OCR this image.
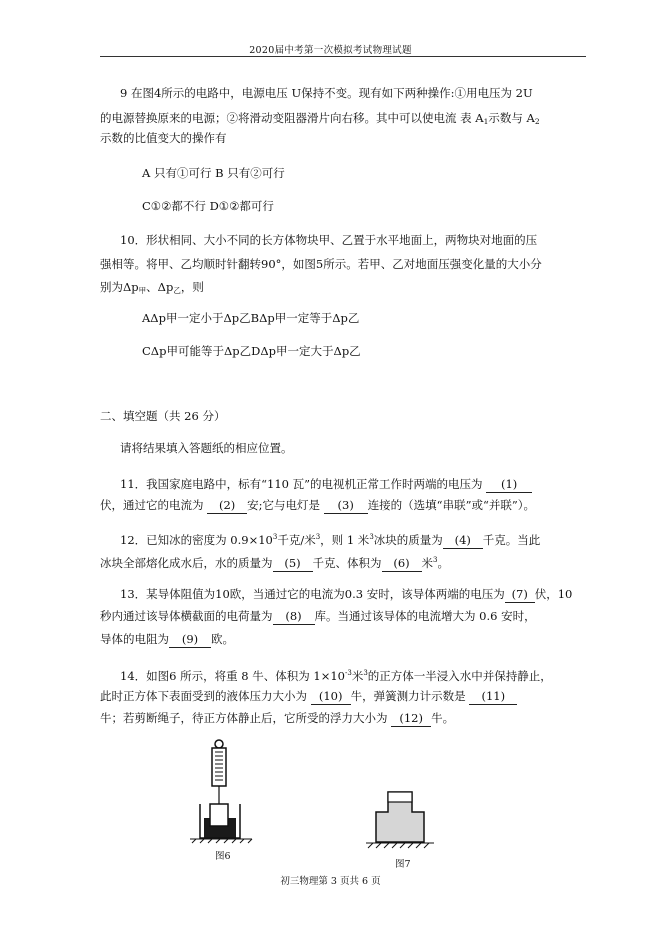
2020届中考第一次模拟考试物理试题
9 在图4所示的电路中，电源电压 U保持不变。现有如下两种操作:①用电压为 2U
的电源替换原来的电源；②将滑动变阻器滑片向右移。其中可以使电流 表 $A_1$示数与 $A_2$
示数的比值变大的操作有
A 只有①可行 B 只有②可行
C①②都不行 D①②都可行
10．形状相同、大小不同的长方体物块甲、乙置于水平地面上，两物块对地面的压
强相等。将甲、乙均顺时针翻转90°，如图5所示。若甲、乙对地面压强变化量的大小分
别为$\Delta p_甲$、$\Delta p_乙$，则
AΔp甲一定小于Δp乙BΔp甲一定等于Δp乙
CΔp甲可能等于Δp乙DΔp甲一定大于Δp乙
二、填空题（共 26 分）
请将结果填入答题纸的相应位置。
11．我国家庭电路中，标有“110 瓦”的电视机正常工作时两端的电压为 (1)
伏，通过它的电流为 (2) 安;它与电灯是 (3) 连接的（选填“串联”或“并联”）。
12．已知冰的密度为 $0.9\times 10^3$千克/米$^3$，则 1 米$^3$冰块的质量为 (4) 千克。当此
冰块全部熔化成水后，水的质量为 (5) 千克、体积为 (6) 米$^3$。
13．某导体阻值为10欧，当通过它的电流为0.3 安时，该导体两端的电压为 (7) 伏，10
秒内通过该导体横截面的电荷量为 (8) 库。当通过该导体的电流增大为 0.6 安时，
导体的电阻为 (9) 欧。
14．如图6 所示，将重 8 牛、体积为 $1\times 10^{-3}$米$^3$的正方体一半浸入水中并保持静止，
此时正方体下表面受到的液体压力大小为 (10) 牛，弹簧测力计示数是 (11)
牛；若剪断绳子，待正方体静止后，它所受的浮力大小为 (12) 牛。
图6
图7
初三物理第 3 页共 6 页
